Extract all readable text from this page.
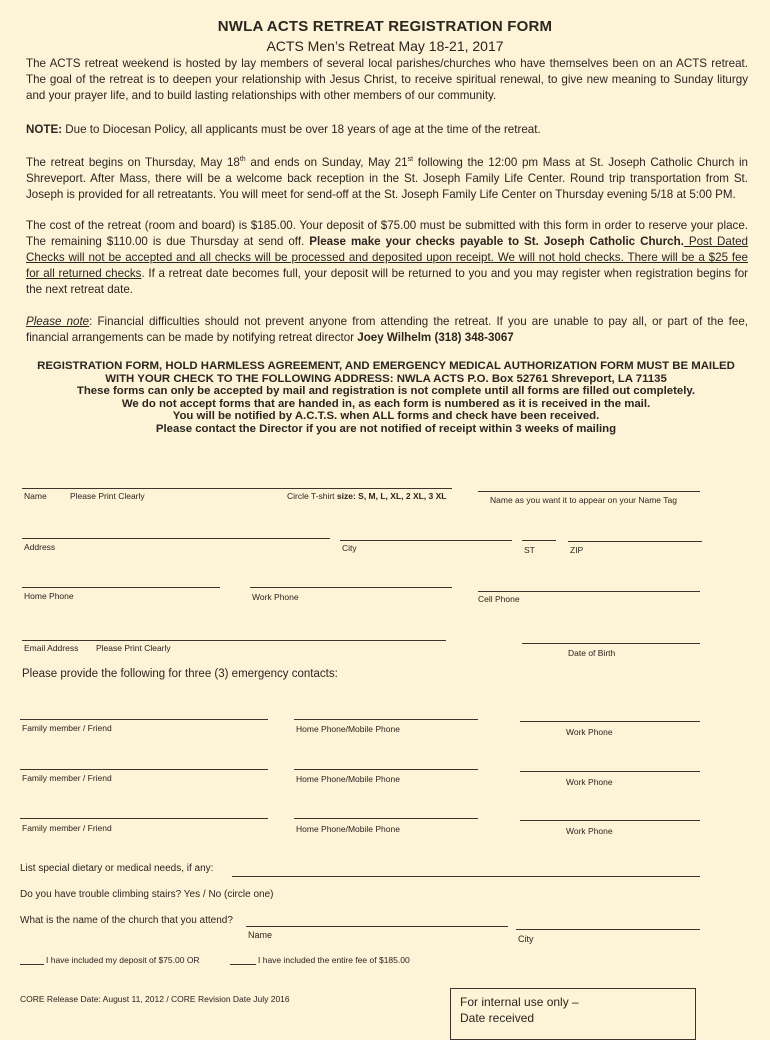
NWLA ACTS RETREAT REGISTRATION FORM
ACTS Men’s Retreat May 18-21, 2017
The ACTS retreat weekend is hosted by lay members of several local parishes/churches who have themselves been on an ACTS retreat. The goal of the retreat is to deepen your relationship with Jesus Christ, to receive spiritual renewal, to give new meaning to Sunday liturgy and your prayer life, and to build lasting relationships with other members of our community.
NOTE: Due to Diocesan Policy, all applicants must be over 18 years of age at the time of the retreat.
The retreat begins on Thursday, May 18th and ends on Sunday, May 21st following the 12:00 pm Mass at St. Joseph Catholic Church in Shreveport. After Mass, there will be a welcome back reception in the St. Joseph Family Life Center. Round trip transportation from St. Joseph is provided for all retreatants. You will meet for send-off at the St. Joseph Family Life Center on Thursday evening 5/18 at 5:00 PM.
The cost of the retreat (room and board) is $185.00. Your deposit of $75.00 must be submitted with this form in order to reserve your place. The remaining $110.00 is due Thursday at send off. Please make your checks payable to St. Joseph Catholic Church. Post Dated Checks will not be accepted and all checks will be processed and deposited upon receipt. We will not hold checks. There will be a $25 fee for all returned checks. If a retreat date becomes full, your deposit will be returned to you and you may register when registration begins for the next retreat date.
Please note: Financial difficulties should not prevent anyone from attending the retreat. If you are unable to pay all, or part of the fee, financial arrangements can be made by notifying retreat director Joey Wilhelm (318) 348-3067
REGISTRATION FORM, HOLD HARMLESS AGREEMENT, AND EMERGENCY MEDICAL AUTHORIZATION FORM MUST BE MAILED
WITH YOUR CHECK TO THE FOLLOWING ADDRESS: NWLA ACTS P.O. Box 52761 Shreveport, LA 71135
These forms can only be accepted by mail and registration is not complete until all forms are filled out completely.
We do not accept forms that are handed in, as each form is numbered as it is received in the mail.
You will be notified by A.C.T.S. when ALL forms and check have been received.
Please contact the Director if you are not notified of receipt within 3 weeks of mailing
Name	Please Print Clearly	Circle T-shirt size: S, M, L, XL, 2 XL, 3 XL	Name as you want it to appear on your Name Tag
Address	City	ST	ZIP
Home Phone	Work Phone	Cell Phone
Email Address Please Print Clearly	Date of Birth
Please provide the following for three (3) emergency contacts:
Family member / Friend	Home Phone/Mobile Phone	Work Phone
Family member / Friend	Home Phone/Mobile Phone	Work Phone
Family member / Friend	Home Phone/Mobile Phone	Work Phone
List special dietary or medical needs, if any:
Do you have trouble climbing stairs? Yes / No (circle one)
What is the name of the church that you attend?
Name	City
I have included my deposit of $75.00 OR	I have included the entire fee of $185.00
CORE Release Date: August 11, 2012 / CORE Revision Date July 2016	For internal use only –
Date received
